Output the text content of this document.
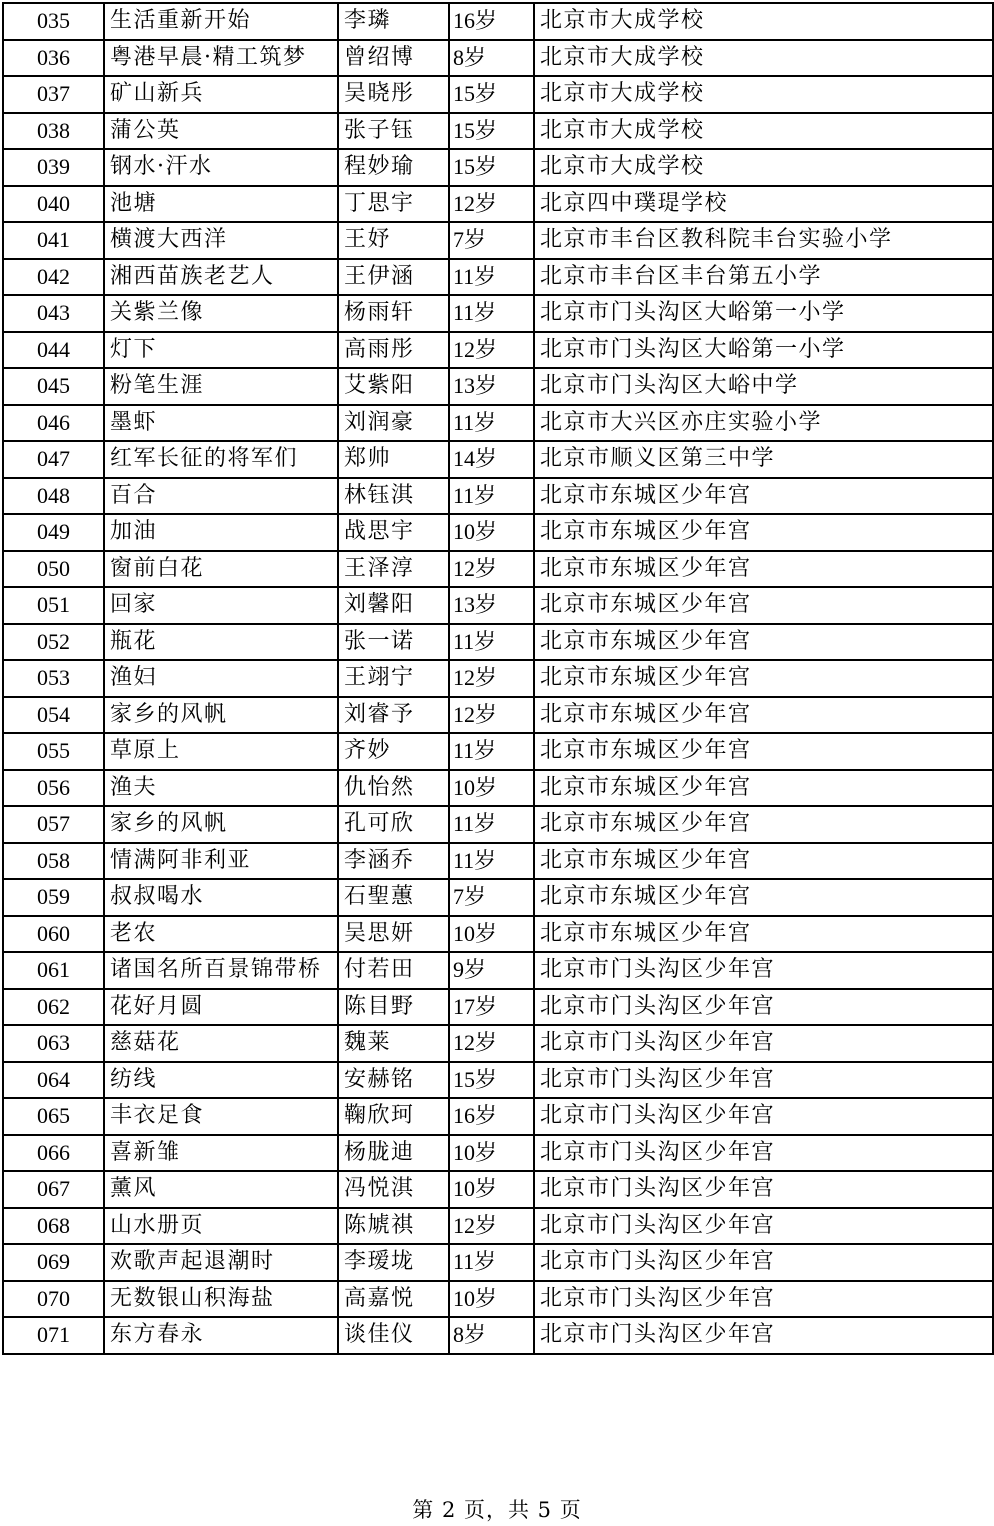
035	生活重新开始	李璘	16岁	北京市大成学校
036	粤港早晨·精工筑梦	曾绍博	8岁	北京市大成学校
037	矿山新兵	吴晓彤	15岁	北京市大成学校
038	蒲公英	张子钰	15岁	北京市大成学校
039	钢水·汗水	程妙瑜	15岁	北京市大成学校
040	池塘	丁思宇	12岁	北京四中璞瑅学校
041	横渡大西洋	王妤	7岁	北京市丰台区教科院丰台实验小学
042	湘西苗族老艺人	王伊涵	11岁	北京市丰台区丰台第五小学
043	关紫兰像	杨雨轩	11岁	北京市门头沟区大峪第一小学
044	灯下	高雨彤	12岁	北京市门头沟区大峪第一小学
045	粉笔生涯	艾紫阳	13岁	北京市门头沟区大峪中学
046	墨虾	刘润豪	11岁	北京市大兴区亦庄实验小学
047	红军长征的将军们	郑帅	14岁	北京市顺义区第三中学
048	百合	林钰淇	11岁	北京市东城区少年宫
049	加油	战思宇	10岁	北京市东城区少年宫
050	窗前白花	王泽淳	12岁	北京市东城区少年宫
051	回家	刘馨阳	13岁	北京市东城区少年宫
052	瓶花	张一诺	11岁	北京市东城区少年宫
053	渔妇	王翊宁	12岁	北京市东城区少年宫
054	家乡的风帆	刘睿予	12岁	北京市东城区少年宫
055	草原上	齐妙	11岁	北京市东城区少年宫
056	渔夫	仇怡然	10岁	北京市东城区少年宫
057	家乡的风帆	孔可欣	11岁	北京市东城区少年宫
058	情满阿非利亚	李涵乔	11岁	北京市东城区少年宫
059	叔叔喝水	石聖蕙	7岁	北京市东城区少年宫
060	老农	吴思妍	10岁	北京市东城区少年宫
061	诸国名所百景锦带桥	付若田	9岁	北京市门头沟区少年宫
062	花好月圆	陈目野	17岁	北京市门头沟区少年宫
063	慈菇花	魏莱	12岁	北京市门头沟区少年宫
064	纺线	安赫铭	15岁	北京市门头沟区少年宫
065	丰衣足食	鞠欣珂	16岁	北京市门头沟区少年宫
066	喜新雏	杨胧迪	10岁	北京市门头沟区少年宫
067	薰风	冯悦淇	10岁	北京市门头沟区少年宫
068	山水册页	陈虓祺	12岁	北京市门头沟区少年宫
069	欢歌声起退潮时	李瑷垅	11岁	北京市门头沟区少年宫
070	无数银山积海盐	高嘉悦	10岁	北京市门头沟区少年宫
071	东方春永	谈佳仪	8岁	北京市门头沟区少年宫
第 2 页，共 5 页
